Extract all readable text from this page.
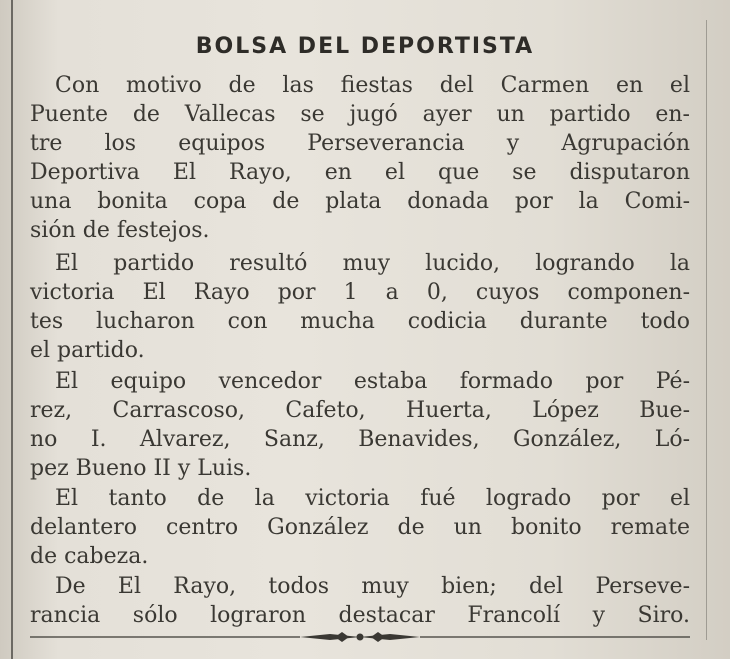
BOLSA DEL DEPORTISTA
Con motivo de las fiestas del Carmen en el
Puente de Vallecas se jugó ayer un partido en-
tre los equipos Perseverancia y Agrupación
Deportiva El Rayo, en el que se disputaron
una bonita copa de plata donada por la Comi-
sión de festejos.
El partido resultó muy lucido, logrando la
victoria El Rayo por 1 a 0, cuyos componen-
tes lucharon con mucha codicia durante todo
el partido.
El equipo vencedor estaba formado por Pé-
rez, Carrascoso, Cafeto, Huerta, López Bue-
no I. Alvarez, Sanz, Benavides, González, Ló-
pez Bueno II y Luis.
El tanto de la victoria fué logrado por el
delantero centro González de un bonito remate
de cabeza.
De El Rayo, todos muy bien; del Perseve-
rancia sólo lograron destacar Francolí y Siro.
